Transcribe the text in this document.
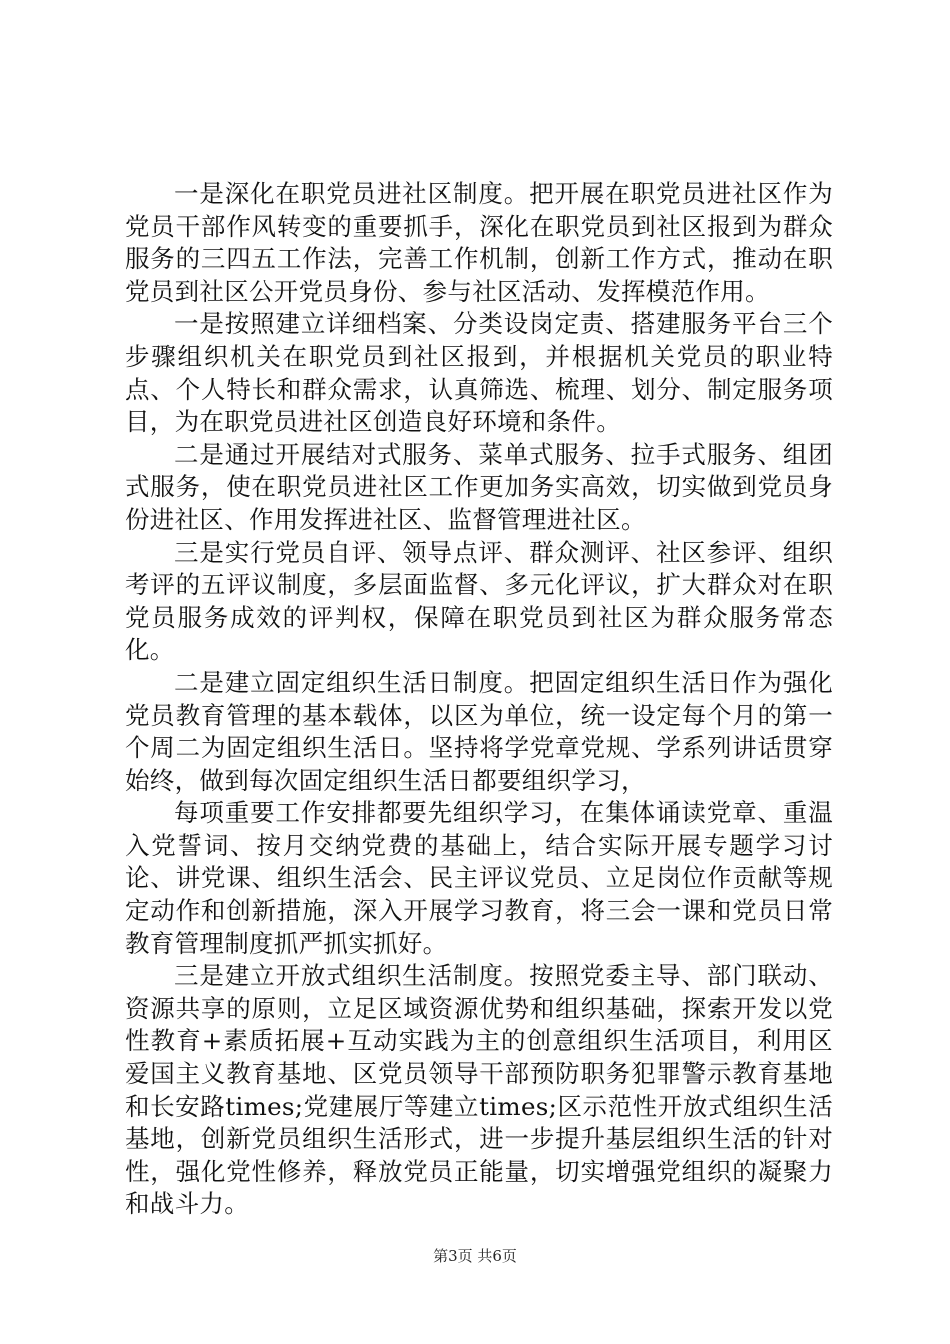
一是深化在职党员进社区制度。把开展在职党员进社区作为党员干部作风转变的重要抓手，深化在职党员到社区报到为群众服务的三四五工作法，完善工作机制，创新工作方式，推动在职党员到社区公开党员身份、参与社区活动、发挥模范作用。

一是按照建立详细档案、分类设岗定责、搭建服务平台三个步骤组织机关在职党员到社区报到，并根据机关党员的职业特点、个人特长和群众需求，认真筛选、梳理、划分、制定服务项目，为在职党员进社区创造良好环境和条件。

二是通过开展结对式服务、菜单式服务、拉手式服务、组团式服务，使在职党员进社区工作更加务实高效，切实做到党员身份进社区、作用发挥进社区、监督管理进社区。

三是实行党员自评、领导点评、群众测评、社区参评、组织考评的五评议制度，多层面监督、多元化评议，扩大群众对在职党员服务成效的评判权，保障在职党员到社区为群众服务常态化。

二是建立固定组织生活日制度。把固定组织生活日作为强化党员教育管理的基本载体，以区为单位，统一设定每个月的第一个周二为固定组织生活日。坚持将学党章党规、学系列讲话贯穿始终，做到每次固定组织生活日都要组织学习，

每项重要工作安排都要先组织学习，在集体诵读党章、重温入党誓词、按月交纳党费的基础上，结合实际开展专题学习讨论、讲党课、组织生活会、民主评议党员、立足岗位作贡献等规定动作和创新措施，深入开展学习教育，将三会一课和党员日常教育管理制度抓严抓实抓好。

三是建立开放式组织生活制度。按照党委主导、部门联动、资源共享的原则，立足区域资源优势和组织基础，探索开发以党性教育+素质拓展+互动实践为主的创意组织生活项目，利用区爱国主义教育基地、区党员领导干部预防职务犯罪警示教育基地和长安路times;党建展厅等建立times;区示范性开放式组织生活基地，创新党员组织生活形式，进一步提升基层组织生活的针对性，强化党性修养，释放党员正能量，切实增强党组织的凝聚力和战斗力。

第3页 共6页
